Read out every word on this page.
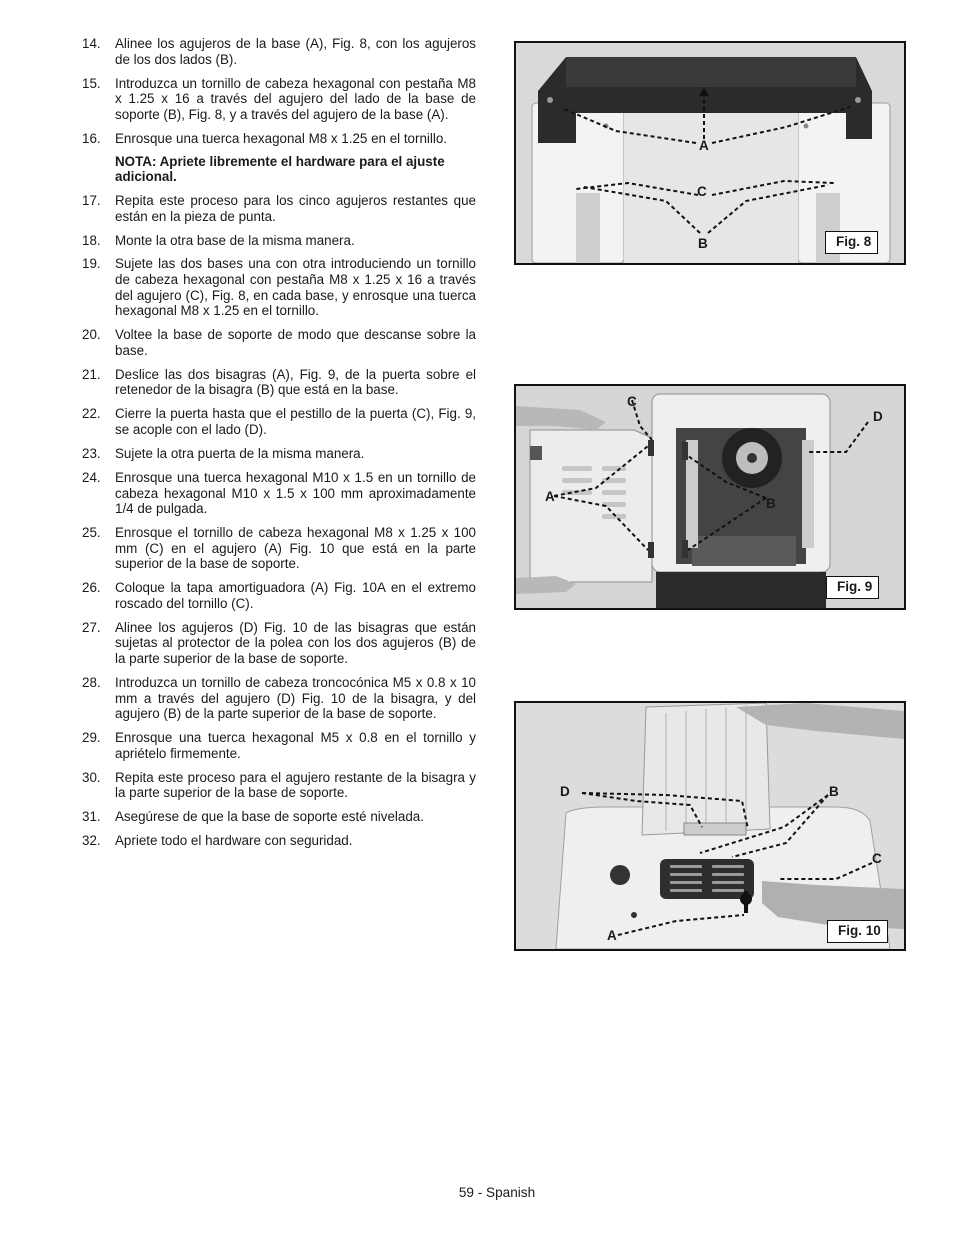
14.	Alinee los agujeros de la base (A), Fig. 8, con los agujeros de los dos lados (B).
15.	Introduzca un tornillo de cabeza hexagonal con pestaña M8 x 1.25 x 16 a través del agujero del lado de la base de soporte (B), Fig. 8, y a través del agujero de la base (A).
16.	Enrosque una tuerca hexagonal M8 x 1.25 en el tornillo.
NOTA: Apriete libremente el hardware para el ajuste adicional.
17.	Repita este proceso para los cinco agujeros restantes que están en la pieza de punta.
18.	Monte la otra base de la misma manera.
19.	Sujete las dos bases una con otra introduciendo un tornillo de cabeza hexagonal con pestaña M8 x 1.25 x 16 a través del agujero (C), Fig. 8, en cada base, y enrosque una tuerca hexagonal M8 x 1.25 en el tornillo.
20.	Voltee la base de soporte de modo que descanse sobre la base.
21.	Deslice las dos bisagras (A), Fig. 9, de la puerta sobre el retenedor de la bisagra (B) que está en la base.
22.	Cierre la puerta hasta que el pestillo de la puerta (C), Fig. 9, se acople con el lado (D).
23.	Sujete la otra puerta de la misma manera.
24.	Enrosque una tuerca hexagonal M10 x 1.5 en un tornillo de cabeza hexagonal M10 x 1.5 x 100 mm aproximadamente 1/4 de pulgada.
25.	Enrosque el tornillo de cabeza hexagonal M8 x 1.25 x 100 mm (C) en el agujero (A) Fig. 10 que está en la parte superior de la base de soporte.
26.	Coloque la tapa amortiguadora (A) Fig. 10A en el extremo roscado del tornillo (C).
27.	Alinee los agujeros (D) Fig. 10 de las bisagras que están sujetas al protector de la polea con los dos agujeros (B) de la parte superior de la base de soporte.
28.	Introduzca un tornillo de cabeza troncocónica M5 x 0.8 x 10 mm a través del agujero (D) Fig. 10 de la bisagra, y del agujero (B) de la parte superior de la base de soporte.
29.	Enrosque una tuerca hexagonal M5 x 0.8 en el tornillo y apriételo firmemente.
30.	Repita este proceso para el agujero restante de la bisagra y la parte superior de la base de soporte.
31.	Asegúrese de que la base de soporte esté nivelada.
32.	Apriete todo el hardware con seguridad.
A
C
B	Fig. 8
C
D
A	B
Fig. 9
D	B
C
A	Fig. 10
59 - Spanish
